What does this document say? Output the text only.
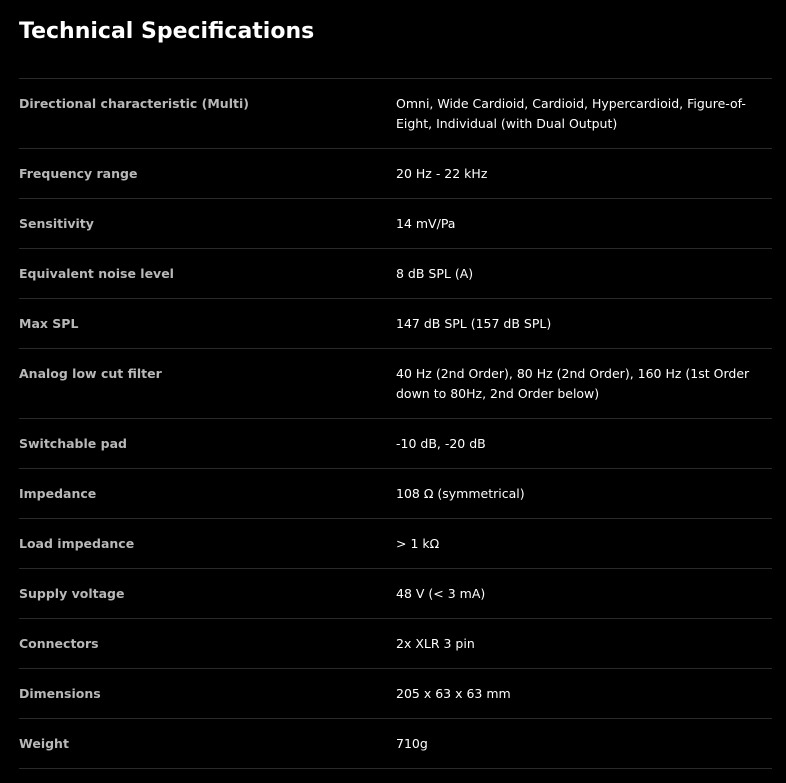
Technical Specifications
Directional characteristic (Multi)	Omni, Wide Cardioid, Cardioid, Hypercardioid, Figure-of-Eight, Individual (with Dual Output)
Frequency range	20 Hz - 22 kHz
Sensitivity	14 mV/Pa
Equivalent noise level	8 dB SPL (A)
Max SPL	147 dB SPL (157 dB SPL)
Analog low cut filter	40 Hz (2nd Order), 80 Hz (2nd Order), 160 Hz (1st Order down to 80Hz, 2nd Order below)
Switchable pad	-10 dB, -20 dB
Impedance	108 Ω (symmetrical)
Load impedance	> 1 kΩ
Supply voltage	48 V (< 3 mA)
Connectors	2x XLR 3 pin
Dimensions	205 x 63 x 63 mm
Weight	710g
